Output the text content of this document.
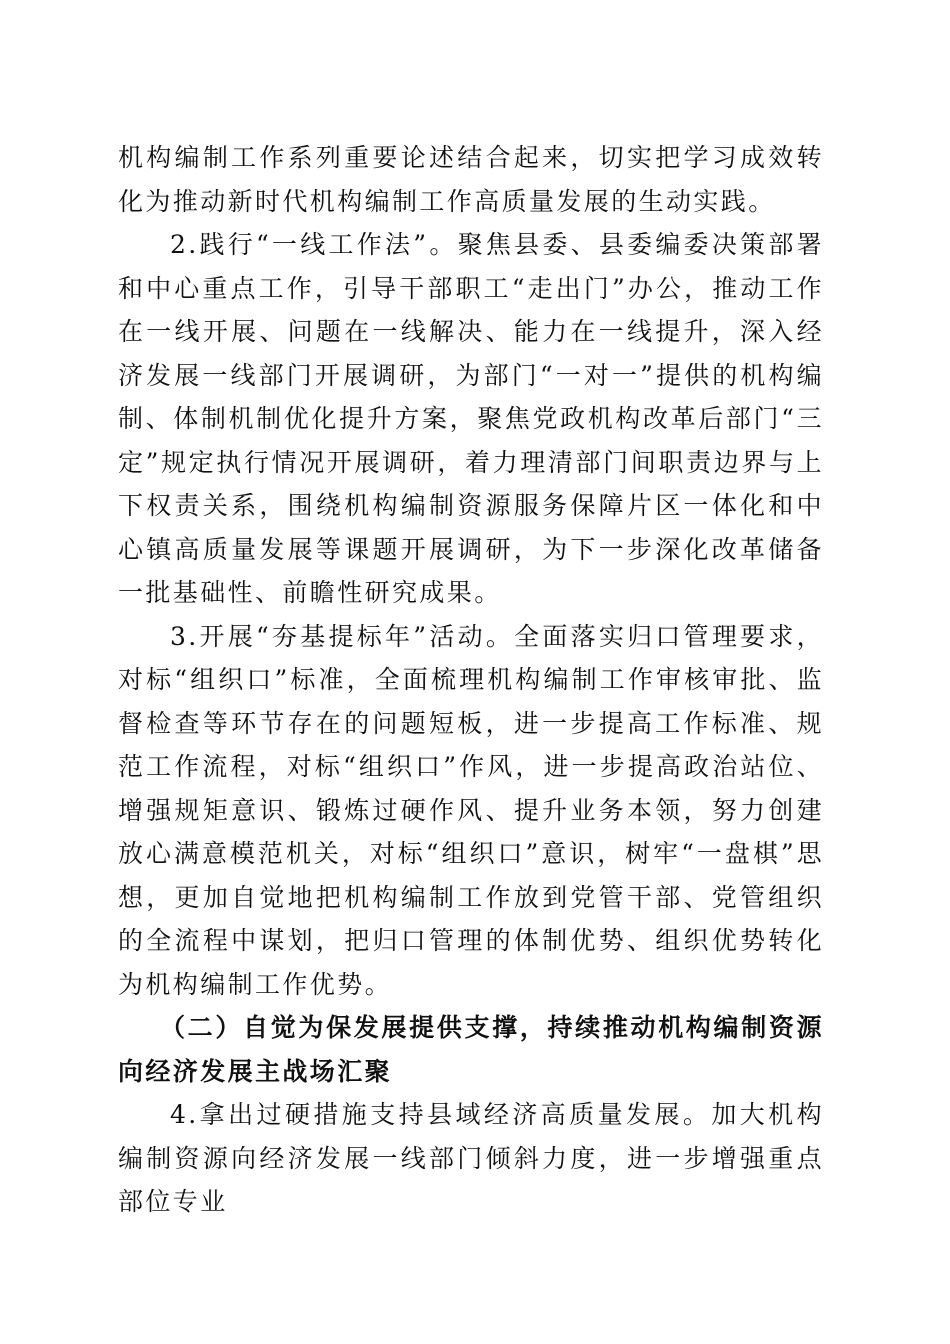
机构编制工作系列重要论述结合起来，切实把学习成效转化为推动新时代机构编制工作高质量发展的生动实践。

2.践行“一线工作法”。聚焦县委、县委编委决策部署和中心重点工作，引导干部职工“走出门”办公，推动工作在一线开展、问题在一线解决、能力在一线提升，深入经济发展一线部门开展调研，为部门“一对一”提供的机构编制、体制机制优化提升方案，聚焦党政机构改革后部门“三定”规定执行情况开展调研，着力理清部门间职责边界与上下权责关系，围绕机构编制资源服务保障片区一体化和中心镇高质量发展等课题开展调研，为下一步深化改革储备一批基础性、前瞻性研究成果。

3.开展“夯基提标年”活动。全面落实归口管理要求，对标“组织口”标准，全面梳理机构编制工作审核审批、监督检查等环节存在的问题短板，进一步提高工作标准、规范工作流程，对标“组织口”作风，进一步提高政治站位、增强规矩意识、锻炼过硬作风、提升业务本领，努力创建放心满意模范机关，对标“组织口”意识，树牢“一盘棋”思想，更加自觉地把机构编制工作放到党管干部、党管组织的全流程中谋划，把归口管理的体制优势、组织优势转化为机构编制工作优势。

（二）自觉为保发展提供支撑，持续推动机构编制资源向经济发展主战场汇聚

4.拿出过硬措施支持县域经济高质量发展。加大机构编制资源向经济发展一线部门倾斜力度，进一步增强重点部位专业
